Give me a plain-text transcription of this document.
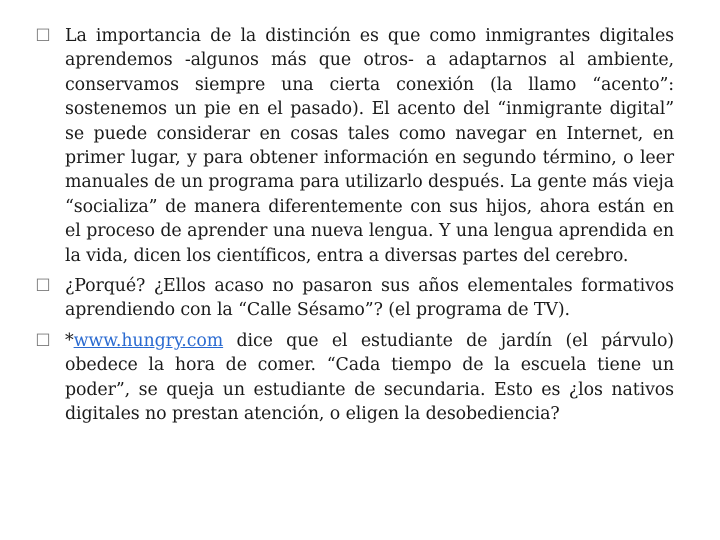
☐ La importancia de la distinción es que como inmigrantes digitales aprendemos -algunos más que otros- a adaptarnos al ambiente, conservamos siempre una cierta conexión (la llamo “acento”: sostenemos un pie en el pasado). El acento del “inmigrante digital” se puede considerar en cosas tales como navegar en Internet, en primer lugar, y para obtener información en segundo término, o leer manuales de un programa para utilizarlo después. La gente más vieja “socializa” de manera diferentemente con sus hijos, ahora están en el proceso de aprender una nueva lengua. Y una lengua aprendida en la vida, dicen los científicos, entra a diversas partes del cerebro.
☐ ¿Porqué? ¿Ellos acaso no pasaron sus años elementales formativos aprendiendo con la “Calle Sésamo”? (el programa de TV).
☐ *www.hungry.com dice que el estudiante de jardín (el párvulo) obedece la hora de comer. “Cada tiempo de la escuela tiene un poder”, se queja un estudiante de secundaria. Esto es ¿los nativos digitales no prestan atención, o eligen la desobediencia?
